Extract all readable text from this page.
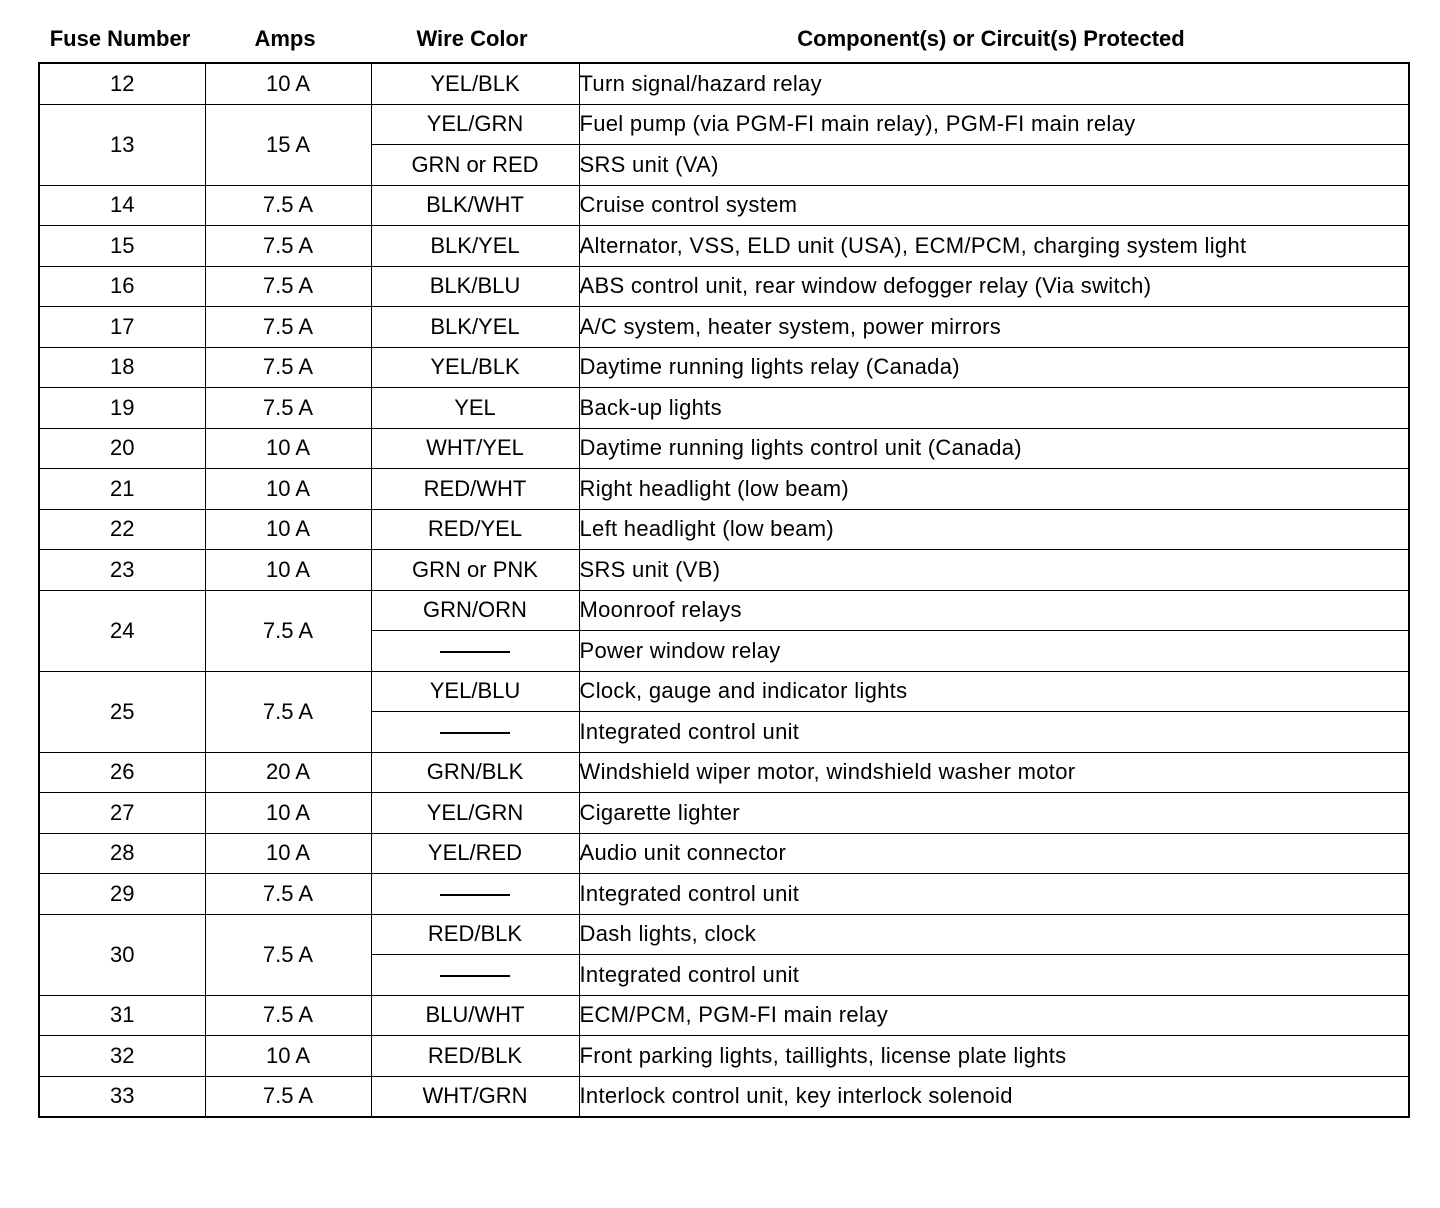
Fuse Number	Amps	Wire Color	Component(s) or Circuit(s) Protected
12	10 A	YEL/BLK	Turn signal/hazard relay
13	15 A	YEL/GRN	Fuel pump (via PGM-FI main relay), PGM-FI main relay
		GRN or RED	SRS unit (VA)
14	7.5 A	BLK/WHT	Cruise control system
15	7.5 A	BLK/YEL	Alternator, VSS, ELD unit (USA), ECM/PCM, charging system light
16	7.5 A	BLK/BLU	ABS control unit, rear window defogger relay (Via switch)
17	7.5 A	BLK/YEL	A/C system, heater system, power mirrors
18	7.5 A	YEL/BLK	Daytime running lights relay (Canada)
19	7.5 A	YEL	Back-up lights
20	10 A	WHT/YEL	Daytime running lights control unit (Canada)
21	10 A	RED/WHT	Right headlight (low beam)
22	10 A	RED/YEL	Left headlight (low beam)
23	10 A	GRN or PNK	SRS unit (VB)
24	7.5 A	GRN/ORN	Moonroof relays
			Power window relay
25	7.5 A	YEL/BLU	Clock, gauge and indicator lights
			Integrated control unit
26	20 A	GRN/BLK	Windshield wiper motor, windshield washer motor
27	10 A	YEL/GRN	Cigarette lighter
28	10 A	YEL/RED	Audio unit connector
29	7.5 A		Integrated control unit
30	7.5 A	RED/BLK	Dash lights, clock
			Integrated control unit
31	7.5 A	BLU/WHT	ECM/PCM, PGM-FI main relay
32	10 A	RED/BLK	Front parking lights, taillights, license plate lights
33	7.5 A	WHT/GRN	Interlock control unit, key interlock solenoid
